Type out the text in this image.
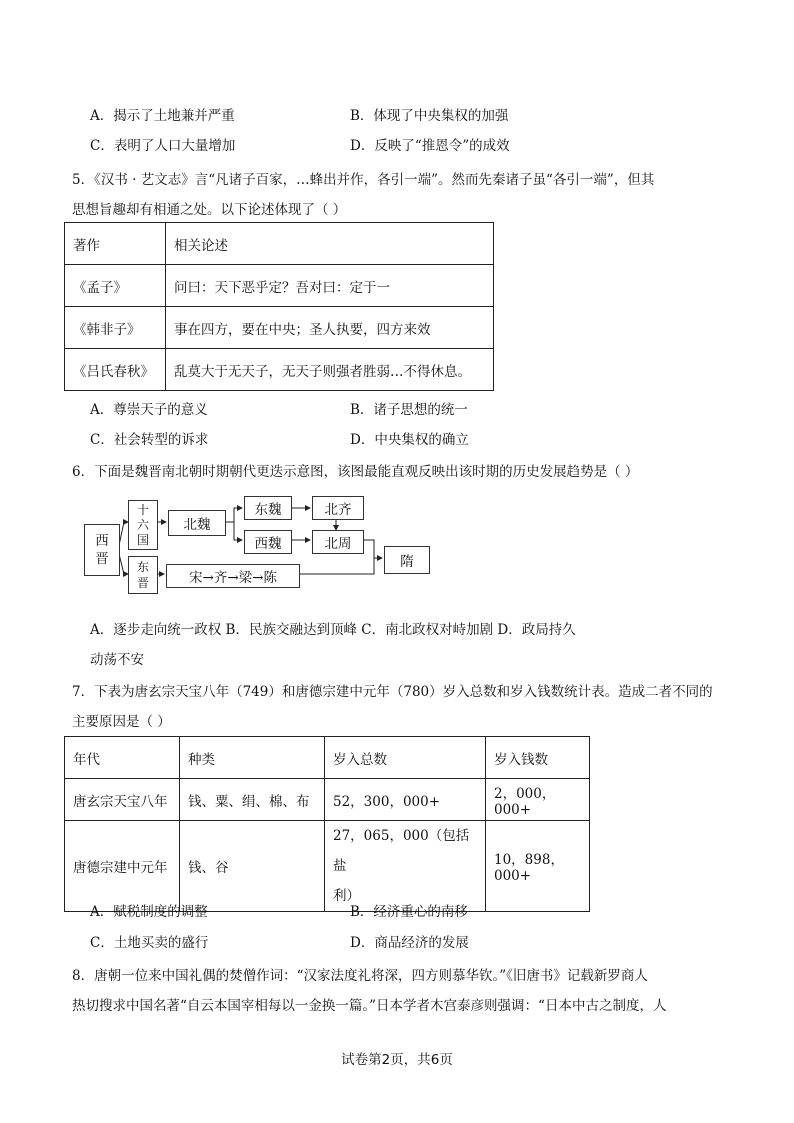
A．揭示了土地兼并严重	B．体现了中央集权的加强
C．表明了人口大量增加	D．反映了“推恩令”的成效
5．《汉书 · 艺文志》言“凡诸子百家，…蜂出并作，各引一端”。然而先秦诸子虽“各引一端”，但其
思想旨趣却有相通之处。以下论述体现了（ ）
著作	相关论述
《孟子》	问曰：天下恶乎定？吾对曰：定于一
《韩非子》	事在四方，要在中央；圣人执要，四方来效
《吕氏春秋》	乱莫大于无天子，无天子则强者胜弱…不得休息。
A．尊崇天子的意义	B．诸子思想的统一
C．社会转型的诉求	D．中央集权的确立
6．下面是魏晋南北朝时期朝代更迭示意图，该图最能直观反映出该时期的历史发展趋势是（ ）
西
晋
十
六
国
东
晋
北魏
东魏
西魏
北齐
北周
隋
宋→齐→梁→陈
A．逐步走向统一政权 B．民族交融达到顶峰 C．南北政权对峙加剧 D．政局持久
动荡不安
7．下表为唐玄宗天宝八年（749）和唐德宗建中元年（780）岁入总数和岁入钱数统计表。造成二者不同的
主要原因是（ ）
年代	种类	岁入总数	岁入钱数
唐玄宗天宝八年	钱、粟、绢、棉、布	52，300，000+	2，000，000+
唐德宗建中元年	钱、谷	27，065，000（包括盐
利）	10，898，000+
A．赋税制度的调整	B．经济重心的南移
C．土地买卖的盛行	D．商品经济的发展
8．唐朝一位来中国礼偶的焚僧作词：“汉家法度礼将深，四方则慕华钦。”《旧唐书》记载新罗商人
热切搜求中国名著“自云本国宰相每以一金换一篇。”日本学者木宫泰彦则强调：“日本中古之制度，人
试卷第2页，共6页
